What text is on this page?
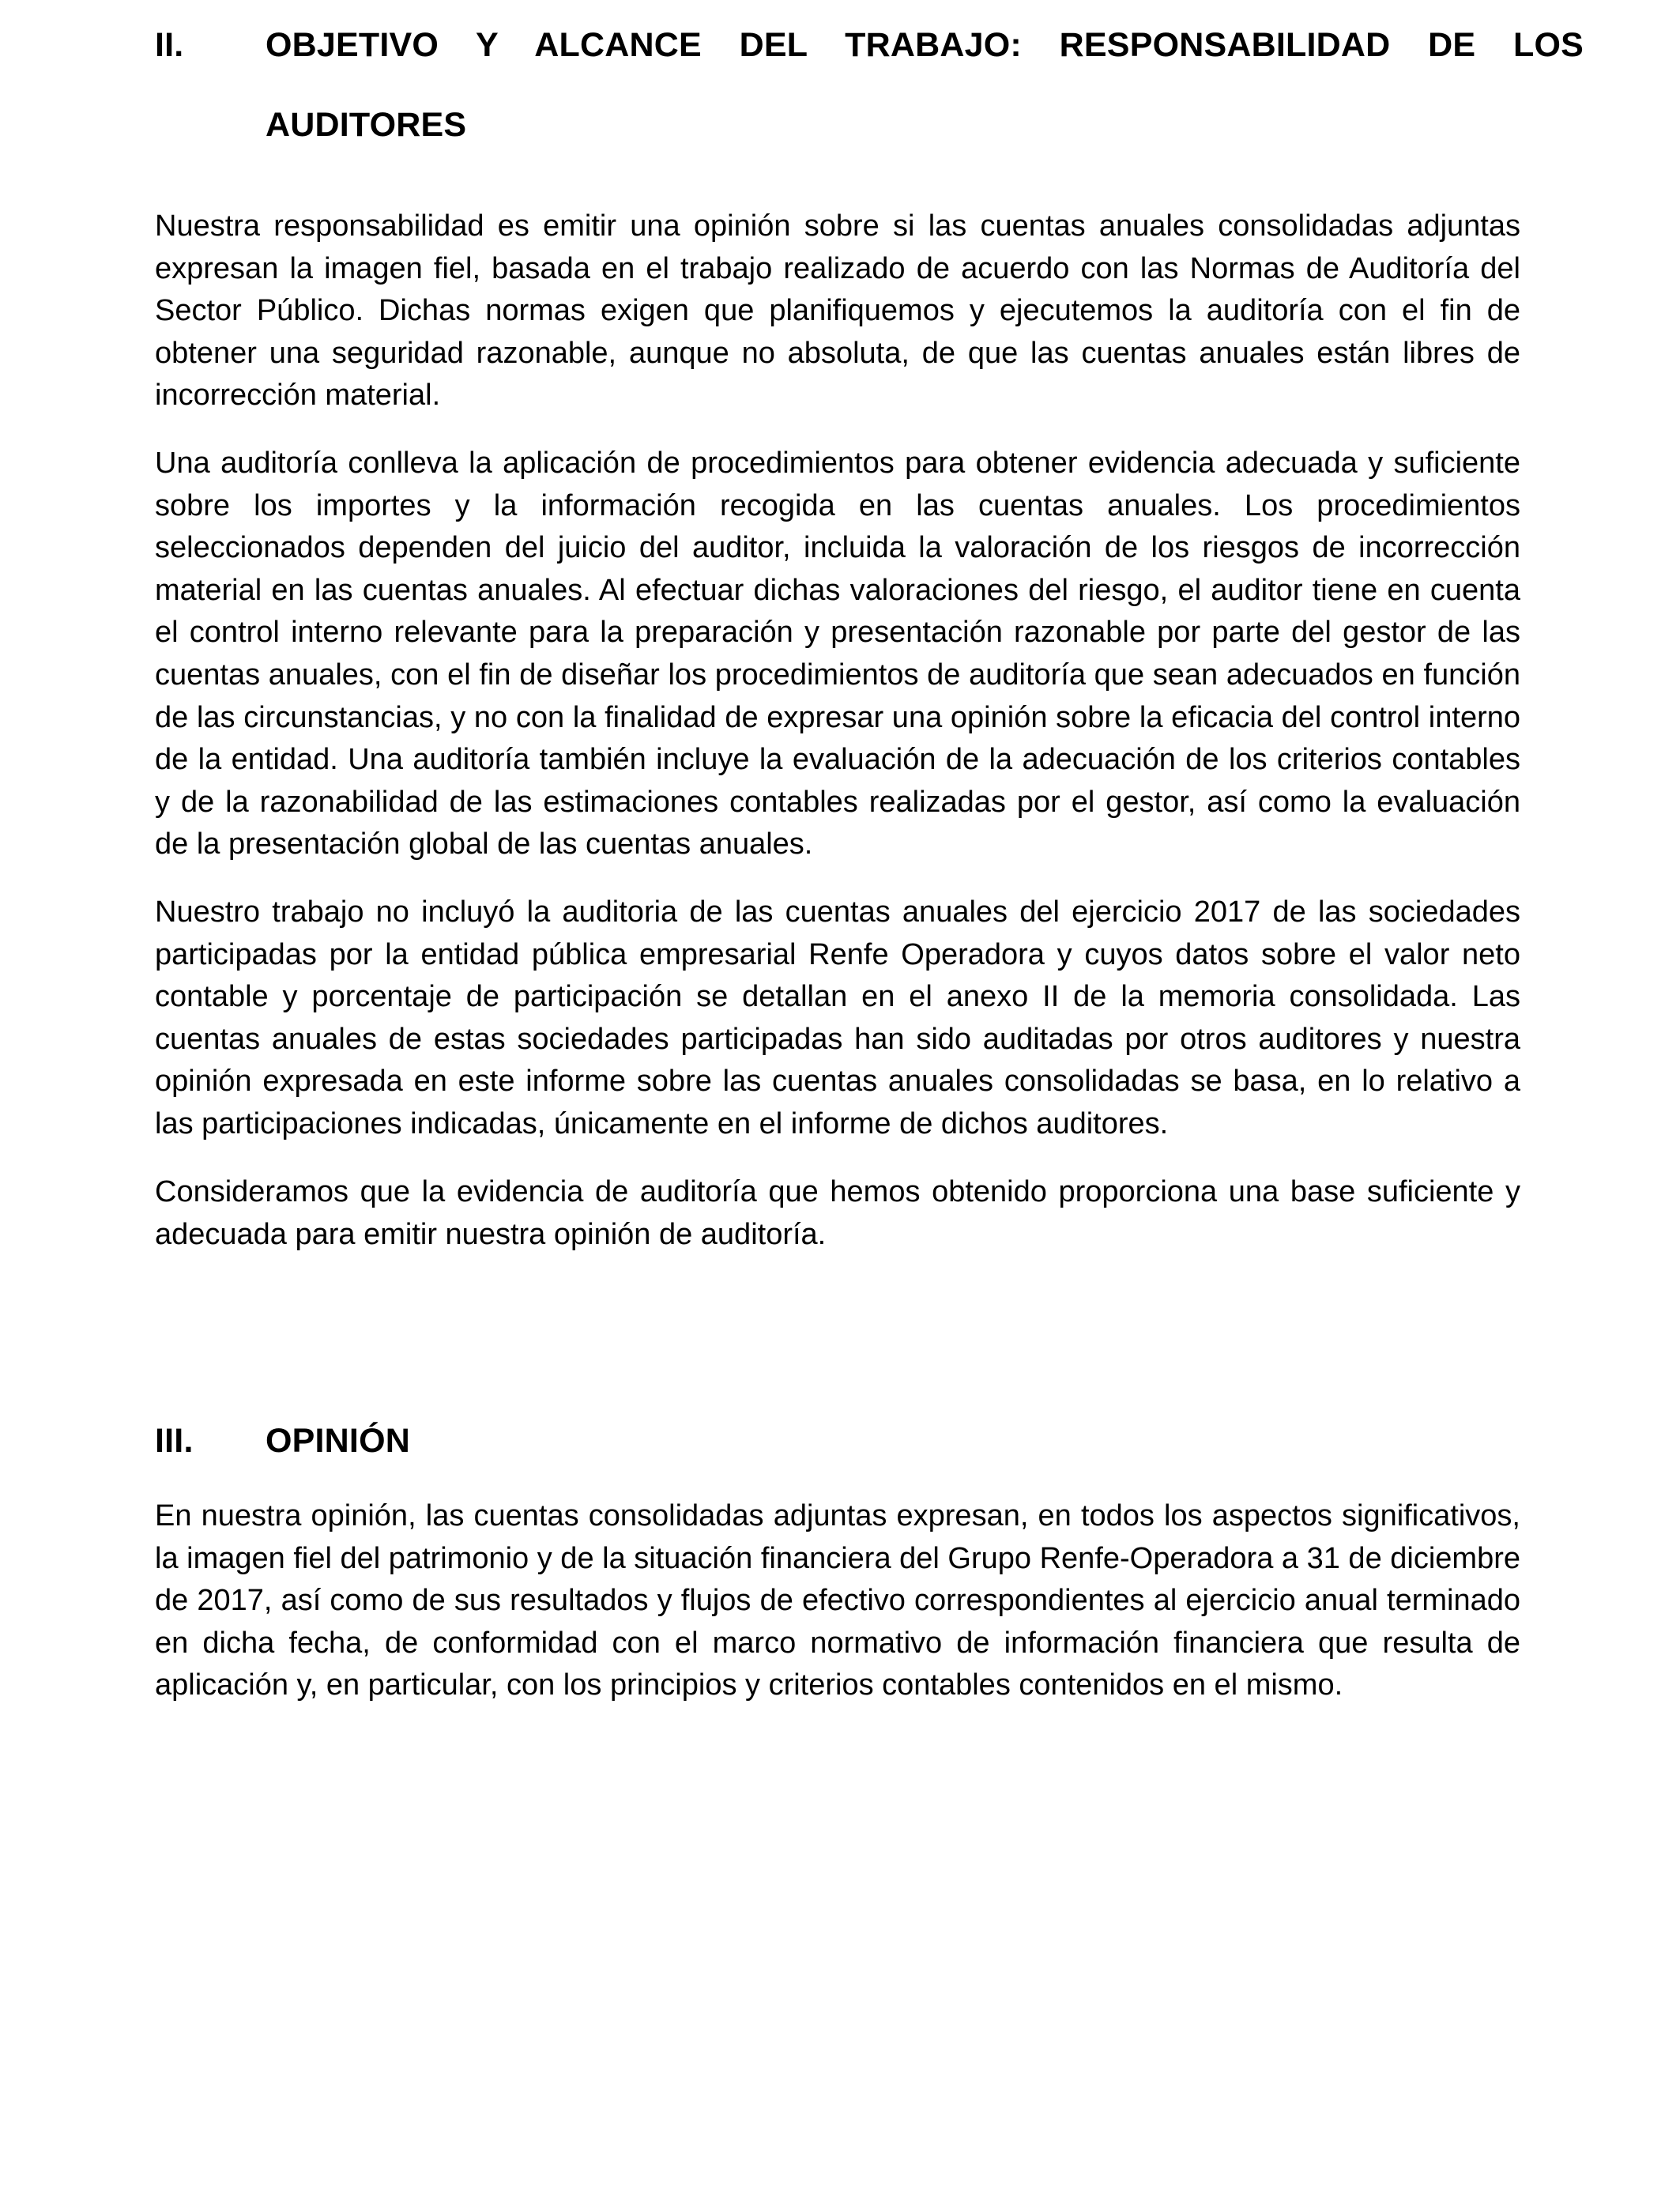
II. OBJETIVO Y ALCANCE DEL TRABAJO: RESPONSABILIDAD DE LOS
AUDITORES

Nuestra responsabilidad es emitir una opinión sobre si las cuentas anuales consolidadas adjuntas expresan la imagen fiel, basada en el trabajo realizado de acuerdo con las Normas de Auditoría del Sector Público. Dichas normas exigen que planifiquemos y ejecutemos la auditoría con el fin de obtener una seguridad razonable, aunque no absoluta, de que las cuentas anuales están libres de incorrección material.

Una auditoría conlleva la aplicación de procedimientos para obtener evidencia adecuada y suficiente sobre los importes y la información recogida en las cuentas anuales. Los procedimientos seleccionados dependen del juicio del auditor, incluida la valoración de los riesgos de incorrección material en las cuentas anuales. Al efectuar dichas valoraciones del riesgo, el auditor tiene en cuenta el control interno relevante para la preparación y presentación razonable por parte del gestor de las cuentas anuales, con el fin de diseñar los procedimientos de auditoría que sean adecuados en función de las circunstancias, y no con la finalidad de expresar una opinión sobre la eficacia del control interno de la entidad. Una auditoría también incluye la evaluación de la adecuación de los criterios contables y de la razonabilidad de las estimaciones contables realizadas por el gestor, así como la evaluación de la presentación global de las cuentas anuales.

Nuestro trabajo no incluyó la auditoria de las cuentas anuales del ejercicio 2017 de las sociedades participadas por la entidad pública empresarial Renfe Operadora y cuyos datos sobre el valor neto contable y porcentaje de participación se detallan en el anexo II de la memoria consolidada. Las cuentas anuales de estas sociedades participadas han sido auditadas por otros auditores y nuestra opinión expresada en este informe sobre las cuentas anuales consolidadas se basa, en lo relativo a las participaciones indicadas, únicamente en el informe de dichos auditores.

Consideramos que la evidencia de auditoría que hemos obtenido proporciona una base suficiente y adecuada para emitir nuestra opinión de auditoría.

III. OPINIÓN

En nuestra opinión, las cuentas consolidadas adjuntas expresan, en todos los aspectos significativos, la imagen fiel del patrimonio y de la situación financiera del Grupo Renfe-Operadora a 31 de diciembre de 2017, así como de sus resultados y flujos de efectivo correspondientes al ejercicio anual terminado en dicha fecha, de conformidad con el marco normativo de información financiera que resulta de aplicación y, en particular, con los principios y criterios contables contenidos en el mismo.
